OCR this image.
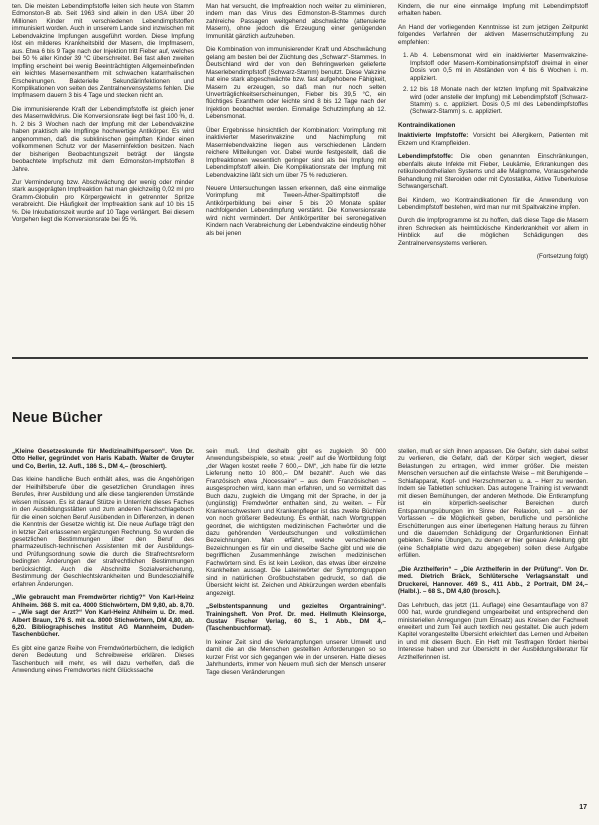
ten. Die meisten Lebendimpfstoffe leiten sich heute von Stamm Edmonston-B ab. Seit 1963 sind allein in den USA über 20 Millionen Kinder mit verschiedenen Lebendimpfstoffen immunisiert worden. Auch in unserem Lande sind inzwischen mit Lebendvakzine Impfungen ausgeführt worden. Diese Impfung löst ein milderes Krankheitsbild der Masern, die Impfmasern, aus. Etwa 6 bis 9 Tage nach der Injektion tritt Fieber auf, welches bei 50 % aller Kinder 39 °C überschreitet. Bei fast allen zweiten Impfling erscheint bei wenig Beeinträchtigten Allgemeinbefinden ein leichtes Masernexanthem mit schwachen katarrhalischen Erscheinungen. Bakterielle Sekundärinfektionen und Komplikationen von seiten des Zentralnervensystems fehlen. Die Impfmasern dauern 3 bis 4 Tage und stecken nicht an.

Die immunisierende Kraft der Lebendimpfstoffe ist gleich jener des Masernwildvirus. Die Konversionsrate liegt bei fast 100 %, d. h. 2 bis 3 Wochen nach der Impfung mit der Lebendvakzine haben praktisch alle Impflinge hochwertige Antikörper. Es wird angenommen, daß die subklinischen geimpften Kinder einen vollkommenen Schutz vor der Maserninfektion besitzen. Nach der bisherigen Beobachtungszeit beträgt der längste beobachtete Impfschutz mit dem Edmonston-Impfstoffen 8 Jahre.

Zur Verminderung bzw. Abschwächung der wenig oder minder stark ausgeprägten Impfreaktion hat man gleichzeitig 0,02 ml pro Gramm-Globulin pro Körpergewicht in getrennter Spritze verabreicht. Die Häufigkeit der Impfreaktion sank auf 10 bis 15 %. Die Inkubationszeit wurde auf 10 Tage verlängert. Bei diesem Vorgehen liegt die Konversionsrate bei 95 %.

Man hat versucht, die Impfreaktion noch weiter zu eliminieren, indem man das Virus des Edmonston-B-Stammes durch zahlreiche Passagen weitgehend abschwächte (attenuierte Masern), ohne jedoch die Erzeugung einer genügenden Immunität gänzlich aufzuheben.

Die Kombination von immunisierender Kraft und Abschwächung gelang am besten bei der Züchtung des „Schwarz“-Stammes. In Deutschland wird der von den Behringwerken gelieferte Maserlebendimpfstoff (Schwarz-Stamm) benutzt. Diese Vakzine hat eine stark abgeschwächte bzw. fast aufgehobene Fähigkeit, Masern zu erzeugen, so daß man nur noch selten Unverträglichkeitserscheinungen, Fieber bis 39,5 °C, ein flüchtiges Exanthem oder leichte sind 8 bis 12 Tage nach der Injektion beobachtet werden. Einmalige Schutzimpfung ab 12. Lebensmonat.

Über Ergebnisse hinsichtlich der Kombination: Vorimpfung mit inaktivierter Maserinvakzine und Nachimpfung mit Masernlebendvakzine liegen aus verschiedenen Ländern reichere Mitteilungen vor. Dabei wurde festgestellt, daß die Impfreaktionen wesentlich geringer sind als bei Impfung mit Lebendimpfstoff allein. Die Komplikationsrate der Impfung mit Lebendvakzine läßt sich um über 75 % reduzieren.

Neuere Untersuchungen lassen erkennen, daß eine einmalige Vorimpfung mit Tween-Äther-Spaltimpfstoff die Antikörperbildung bei einer 5 bis 20 Monate später nachfolgenden Lebendimpfung verstärkt. Die Konversionsrate wird nicht vermindert. Der Antikörpertiter bei seronegativen Kindern nach Verabreichung der Lebendvakzine eindeutig höher als bei jenen

Kindern, die nur eine einmalige Impfung mit Lebendimpfstoff erhalten haben.

An Hand der vorliegenden Kenntnisse ist zum jetzigen Zeitpunkt folgendes Verfahren der aktiven Masernschutzimpfung zu empfehlen:

1. Ab 4. Lebensmonat wird ein inaktivierter Masernvakzine-Impfstoff oder Masern-Kombinationsimpfstoff dreimal in einer Dosis von 0,5 ml in Abständen von 4 bis 6 Wochen i. m. appliziert.
2. 12 bis 18 Monate nach der letzten Impfung mit Spaltvakzine wird (oder anstelle der Impfung) mit Lebendimpfstoff (Schwarz-Stamm) s. c. appliziert. Dosis 0,5 ml des Lebendimpfstoffes (Schwarz-Stamm) s. c. appliziert.
Kontraindikationen

Inaktivierte Impfstoffe: Vorsicht bei Allergikern, Patienten mit Ekzem und Krampfleiden.

Lebendimpfstoffe: Die oben genannten Einschränkungen, ebenfalls akute Infekte mit Fieber, Leukämie, Erkrankungen des retikuloendothelialen Systems und alle Malignome, Vorausgehende Behandlung mit Steroiden oder mit Cytostatika, Aktive Tuberkulose Schwangerschaft.

Bei Kindern, wo Kontraindikationen für die Anwendung von Lebendimpfstoff bestehen, wird man nur mit Spaltvakzine impfen.

Durch die Impfprogramme ist zu hoffen, daß diese Tage die Masern ihren Schrecken als heimtückische Kinderkrankheit vor allem in Hinblick auf die möglichen Schädigungen des Zentralnervensystems verlieren.

(Fortsetzung folgt)

Neue Bücher

„Kleine Gesetzeskunde für Medizinalhilfsperson“. Von Dr. Otto Heller, gegründet von Haris Kabath. Walter de Gruyter und Co, Berlin, 12. Aufl., 186 S., DM 4,– (broschiert).

Das kleine handliche Buch enthält alles, was die Angehörigen der Heilhilfsberufe über die gesetzlichen Grundlagen ihres Berufes, ihrer Ausbildung und alle diese tangierenden Umstände wissen müssen. Es ist darauf Stütze in Unterricht dieses Faches in den Ausbildungsstätten und zum anderen Nachschlagebuch für die einen solchen Beruf Ausübenden in Differenzen, in denen die Kenntnis der Gesetze wichtig ist. Die neue Auflage trägt den in letzter Zeit erlassenen ergänzungen Rechnung. So wurden die gesetzlichen Bestimmungen über den Beruf des pharmazeutisch-technischen Assistenten mit der Ausbildungs- und Prüfungsordnung sowie die durch die Strafrechtsreform bedingten Änderungen der strafrechtlichen Bestimmungen berücksichtigt. Auch die Abschnitte Sozialversicherung, Bestimmung der Geschlechtskrankheiten und Bundesozialhilfe erfahren Änderungen.

„Wie gebraucht man Fremdwörter richtig?“ Von Karl-Heinz Ahlheim. 368 S. mit ca. 4000 Stichwörtern, DM 9,80, ab. 8,70. – „Wie sagt der Arzt?“ Von Karl-Heinz Ahlheim u. Dr. med. Albert Braun, 176 S. mit ca. 8000 Stichwörtern, DM 4,80, ab. 6,20. Bibliographisches Institut AG Mannheim, Duden-Taschenbücher.

Es gibt eine ganze Reihe von Fremdwörterbüchern, die lediglich deren Bedeutung und Schreibweise erklären. Dieses Taschenbuch will mehr, es will dazu verhelfen, daß die Anwendung eines Fremdwortes nicht Glückssache

sein muß. Und deshalb gibt es zugleich 30 000 Anwendungsbeispiele, so etwa: „reell“ auf die Wortbildung folgt „der Wagen kostet reelle 7 600,– DM“, „ich habe für die letzte Lieferung netto 10 800,– DM bezahlt“. Auch wie das Französisch etwa „Nocessaire“ – aus dem Französischen – ausgesprochen wird, kann man erfahren, und so vermittelt das Buch dazu, zugleich die Umgang mit der Sprache, in der ja (ungünstig) Fremdwörter enthalten sind, zu weiten. – Für Krankenschwestern und Krankenpfleger ist das zweite Büchlein von noch größerer Bedeutung. Es enthält, nach Wortgruppen geordnet, die wichtigsten medizinischen Fachwörter und die dazu gehörenden Verdeutschungen und volkstümlichen Bezeichnungen. Man erfährt, welche verschiedenen Bezeichnungen es für ein und dieselbe Sache gibt und wie die begrifflichen Zusammenhänge zwischen medizinischen Fachwörtern sind. Es ist kein Lexikon, das etwas über einzelne Krankheiten aussagt. Die Lateinwörter der Symptomgruppen sind in natürlichen Großbuchstaben gedruckt, so daß die Übersicht leicht ist. Zeichen und Abkürzungen werden ebenfalls angezeigt.

„Selbstentspannung und gezieltes Organtraining“. Trainingsheft. Von Prof. Dr. med. Hellmuth Kleinsorge, Gustav Fischer Verlag, 60 S., 1 Abb., DM 4,– (Taschenbuchformat).

In keiner Zeit sind die Verkrampfungen unserer Umwelt und damit die an die Menschen gestellten Anforderungen so so kurzer Frist vor sich gegangen wie in der unseren. Hatte dieses Jahrhunderts, immer von Neuem muß sich der Mensch unserer Tage diesen Veränderungen

stellen, muß er sich ihnen anpassen. Die Gefahr, sich dabei selbst zu verlieren, die Gefahr, daß der Körper sich wegiert, dieser Belastungen zu ertragen, wird immer größer. Die meisten Menschen versuchen auf die einfachste Weise – mit Beruhigende – Schlafapparat, Kopf- und Herzschmerzen u. a. – Herr zu werden. Indem sie Tabletten schlucken. Das autogene Training ist verwandt mit diesen Bemühungen, der anderen Methode. Die Entkrampfung ist ein körperlich-seelischer Bereichen durch Entspannungsübungen im Sinne der Relaxion, soll – an der Vorfassen – die Möglichkeit geben, berufliche und persönliche Erschütterungen aus einer überlegenen Haltung heraus zu führen und die dauernden Schädigung der Organfunktionen Einhalt gebieten. Seine Übungen, zu denen er hier genaue Anleitung gibt (eine Schallplatte wird dazu abgegeben) sollen diese Aufgabe erfüllen.

„Die Arzthelferin“ – „Die Arzthelferin in der Prüfung“. Von Dr. med. Dietrich Bräck, Schlütersche Verlagsanstalt und Druckerei, Hannover. 469 S., 411 Abb., 2 Portrait, DM 24,– (Halbl.). – 68 S., DM 4,80 (brosch.).

Das Lehrbuch, das jetzt (11. Auflage) eine Gesamtauflage von 87 000 hat, wurde grundlegend umgearbeitet und entsprechend den ministeriellen Anregungen (zum Einsatz) aus Kreisen der Fachwelt erweitert und zum Teil auch textlich neu gestaltet. Die auch jedem Kapitel vorangestellte Übersicht erleichtert das Lernen und Arbeiten in und mit diesem Buch. Ein Heft mit Testfragen fördert hierbei Interesse haben und zur Übersicht in der Ausbildungsliteratur für Arzthelferinnen ist.

17
